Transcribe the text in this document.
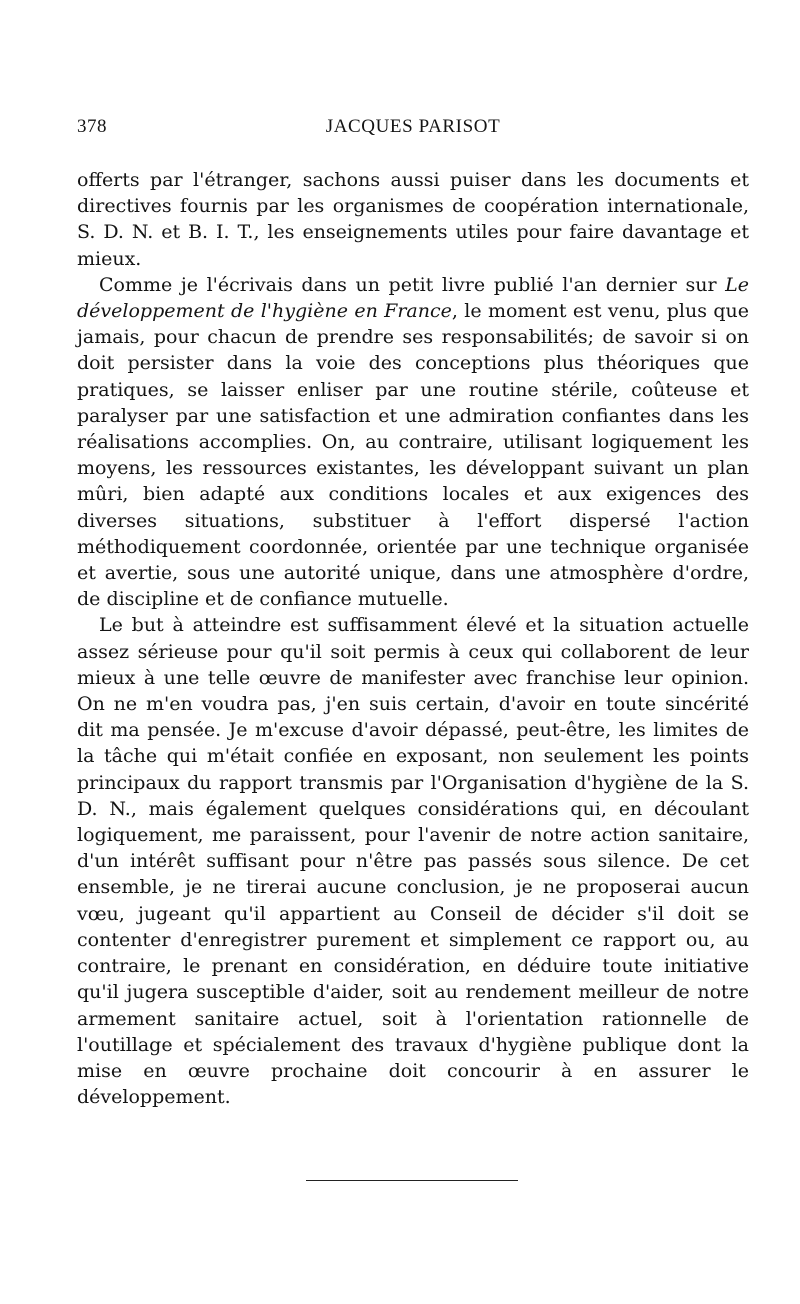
378	JACQUES PARISOT

offerts par l'étranger, sachons aussi puiser dans les documents et directives fournis par les organismes de coopération internationale, S. D. N. et B. I. T., les enseignements utiles pour faire davantage et mieux.

Comme je l'écrivais dans un petit livre publié l'an dernier sur Le développement de l'hygiène en France, le moment est venu, plus que jamais, pour chacun de prendre ses responsabilités; de savoir si on doit persister dans la voie des conceptions plus théoriques que pratiques, se laisser enliser par une routine stérile, coûteuse et paralyser par une satisfaction et une admiration confiantes dans les réalisations accomplies. On, au contraire, utilisant logiquement les moyens, les ressources existantes, les développant suivant un plan mûri, bien adapté aux conditions locales et aux exigences des diverses situations, substituer à l'effort dispersé l'action méthodiquement coordonnée, orientée par une technique organisée et avertie, sous une autorité unique, dans une atmosphère d'ordre, de discipline et de confiance mutuelle.

Le but à atteindre est suffisamment élevé et la situation actuelle assez sérieuse pour qu'il soit permis à ceux qui collaborent de leur mieux à une telle œuvre de manifester avec franchise leur opinion. On ne m'en voudra pas, j'en suis certain, d'avoir en toute sincérité dit ma pensée. Je m'excuse d'avoir dépassé, peut-être, les limites de la tâche qui m'était confiée en exposant, non seulement les points principaux du rapport transmis par l'Organisation d'hygiène de la S. D. N., mais également quelques considérations qui, en découlant logiquement, me paraissent, pour l'avenir de notre action sanitaire, d'un intérêt suffisant pour n'être pas passés sous silence. De cet ensemble, je ne tirerai aucune conclusion, je ne proposerai aucun vœu, jugeant qu'il appartient au Conseil de décider s'il doit se contenter d'enregistrer purement et simplement ce rapport ou, au contraire, le prenant en considération, en déduire toute initiative qu'il jugera susceptible d'aider, soit au rendement meilleur de notre armement sanitaire actuel, soit à l'orientation rationnelle de l'outillage et spécialement des travaux d'hygiène publique dont la mise en œuvre prochaine doit concourir à en assurer le développement.
